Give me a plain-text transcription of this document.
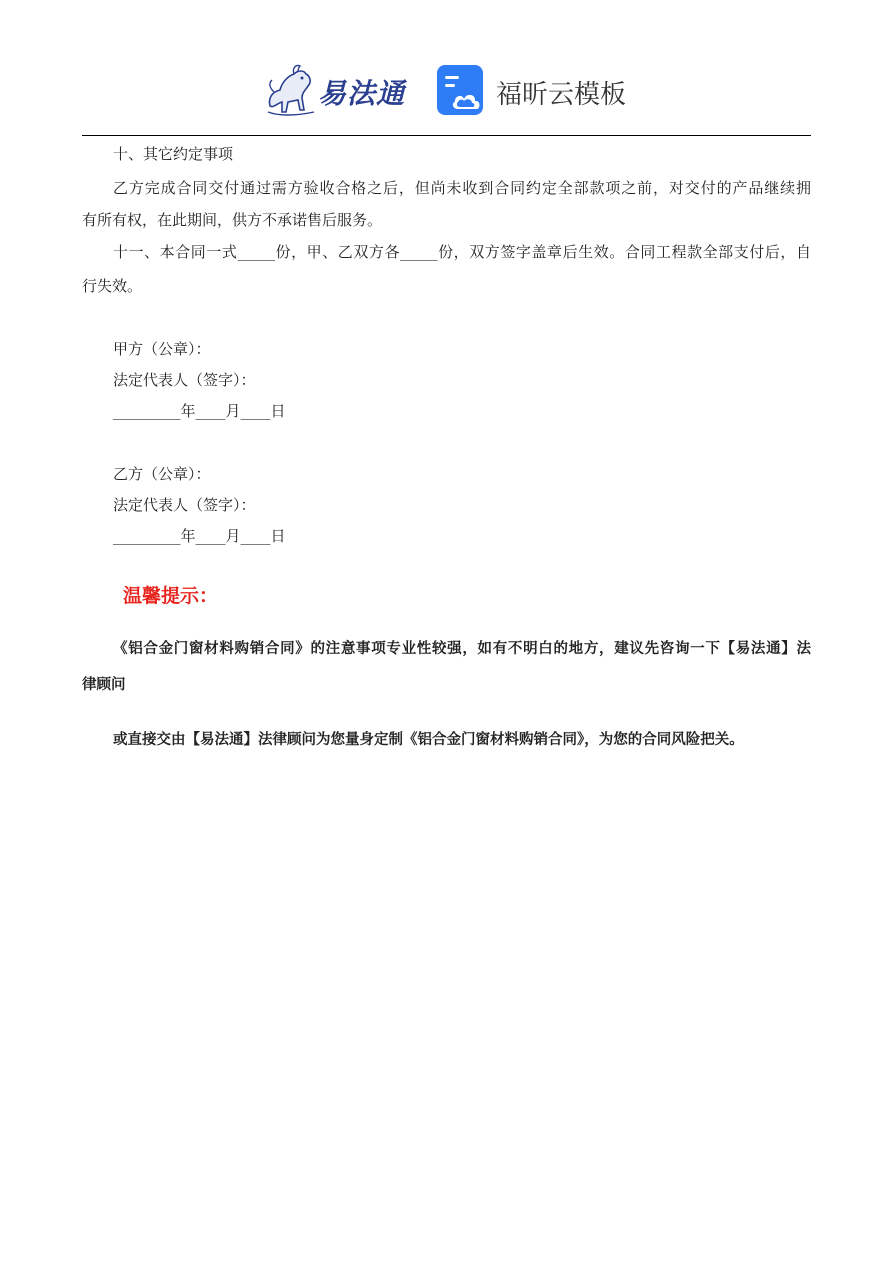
易法通	福昕云模板
十、其它约定事项
乙方完成合同交付通过需方验收合格之后，但尚未收到合同约定全部款项之前，对交付的产品继续拥
有所有权，在此期间，供方不承诺售后服务。
十一、本合同一式_____份，甲、乙双方各_____份，双方签字盖章后生效。合同工程款全部支付后，自
行失效。
甲方（公章）：
法定代表人（签字）：
_________年____月____日
乙方（公章）：
法定代表人（签字）：
_________年____月____日
温馨提示：
《铝合金门窗材料购销合同》的注意事项专业性较强，如有不明白的地方，建议先咨询一下【易法通】法
律顾问
或直接交由【易法通】法律顾问为您量身定制《铝合金门窗材料购销合同》，为您的合同风险把关。
